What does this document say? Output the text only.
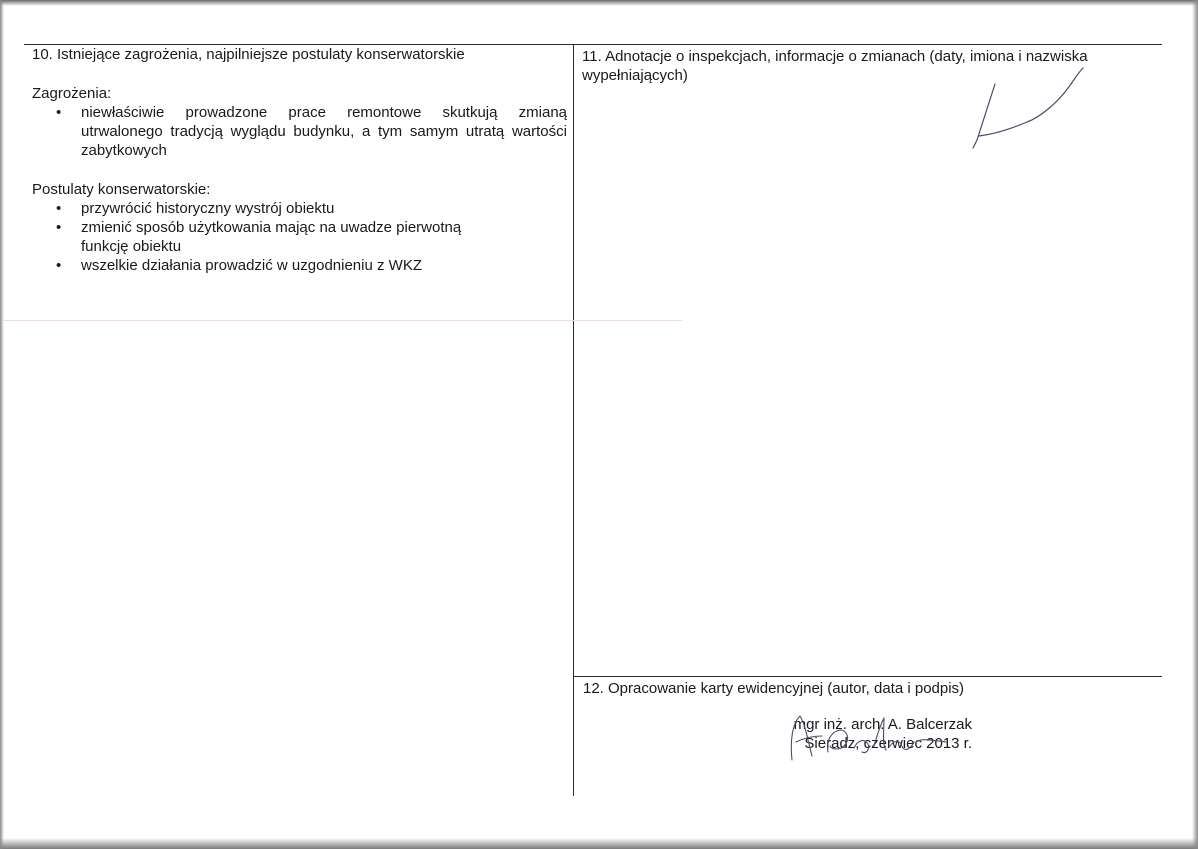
10. Istniejące zagrożenia, najpilniejsze postulaty konserwatorskie

Zagrożenia:

• niewłaściwie prowadzone prace remontowe skutkują zmianą utrwalonego tradycją wyglądu budynku, a tym samym utratą wartości zabytkowych

Postulaty konserwatorskie:

• przywrócić historyczny wystrój obiektu
• zmienić sposób użytkowania mając na uwadze pierwotną funkcję obiektu
• wszelkie działania prowadzić w uzgodnieniu z WKZ

11. Adnotacje o inspekcjach, informacje o zmianach (daty, imiona i nazwiska wypełniających)

12. Opracowanie karty ewidencyjnej (autor, data i podpis)

mgr inż. arch. A. Balcerzak
Sieradz, czerwiec 2013 r.
